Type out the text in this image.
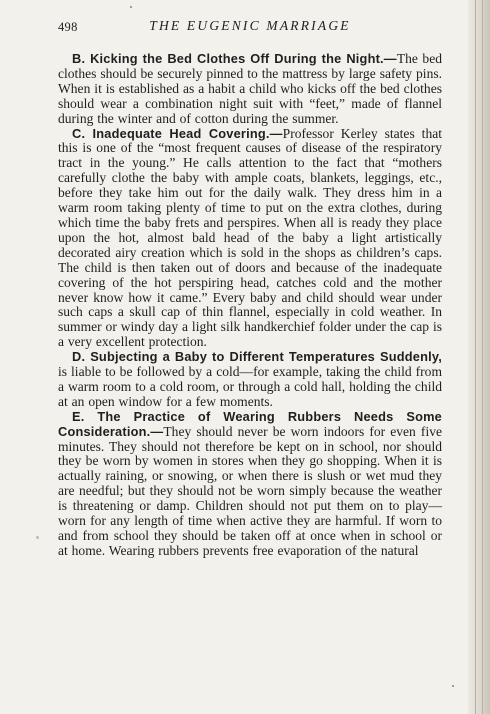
498	THE EUGENIC MARRIAGE

B. Kicking the Bed Clothes Off During the Night.—The bed clothes should be securely pinned to the mattress by large safety pins. When it is established as a habit a child who kicks off the bed clothes should wear a combination night suit with “feet,” made of flannel during the winter and of cotton during the summer.

C. Inadequate Head Covering.—Professor Kerley states that this is one of the “most frequent causes of disease of the respiratory tract in the young.” He calls attention to the fact that “mothers carefully clothe the baby with ample coats, blankets, leggings, etc., before they take him out for the daily walk. They dress him in a warm room taking plenty of time to put on the extra clothes, during which time the baby frets and perspires. When all is ready they place upon the hot, almost bald head of the baby a light artistically decorated airy creation which is sold in the shops as children’s caps. The child is then taken out of doors and because of the inadequate covering of the hot perspiring head, catches cold and the mother never know how it came.” Every baby and child should wear under such caps a skull cap of thin flannel, especially in cold weather. In summer or windy day a light silk handkerchief folder under the cap is a very excellent protection.

D. Subjecting a Baby to Different Temperatures Suddenly, is liable to be followed by a cold—for example, taking the child from a warm room to a cold room, or through a cold hall, holding the child at an open window for a few moments.

E. The Practice of Wearing Rubbers Needs Some Consideration.—They should never be worn indoors for even five minutes. They should not therefore be kept on in school, nor should they be worn by women in stores when they go shopping. When it is actually raining, or snowing, or when there is slush or wet mud they are needful; but they should not be worn simply because the weather is threatening or damp. Children should not put them on to play—worn for any length of time when active they are harmful. If worn to and from school they should be taken off at once when in school or at home. Wearing rubbers prevents free evaporation of the natural
